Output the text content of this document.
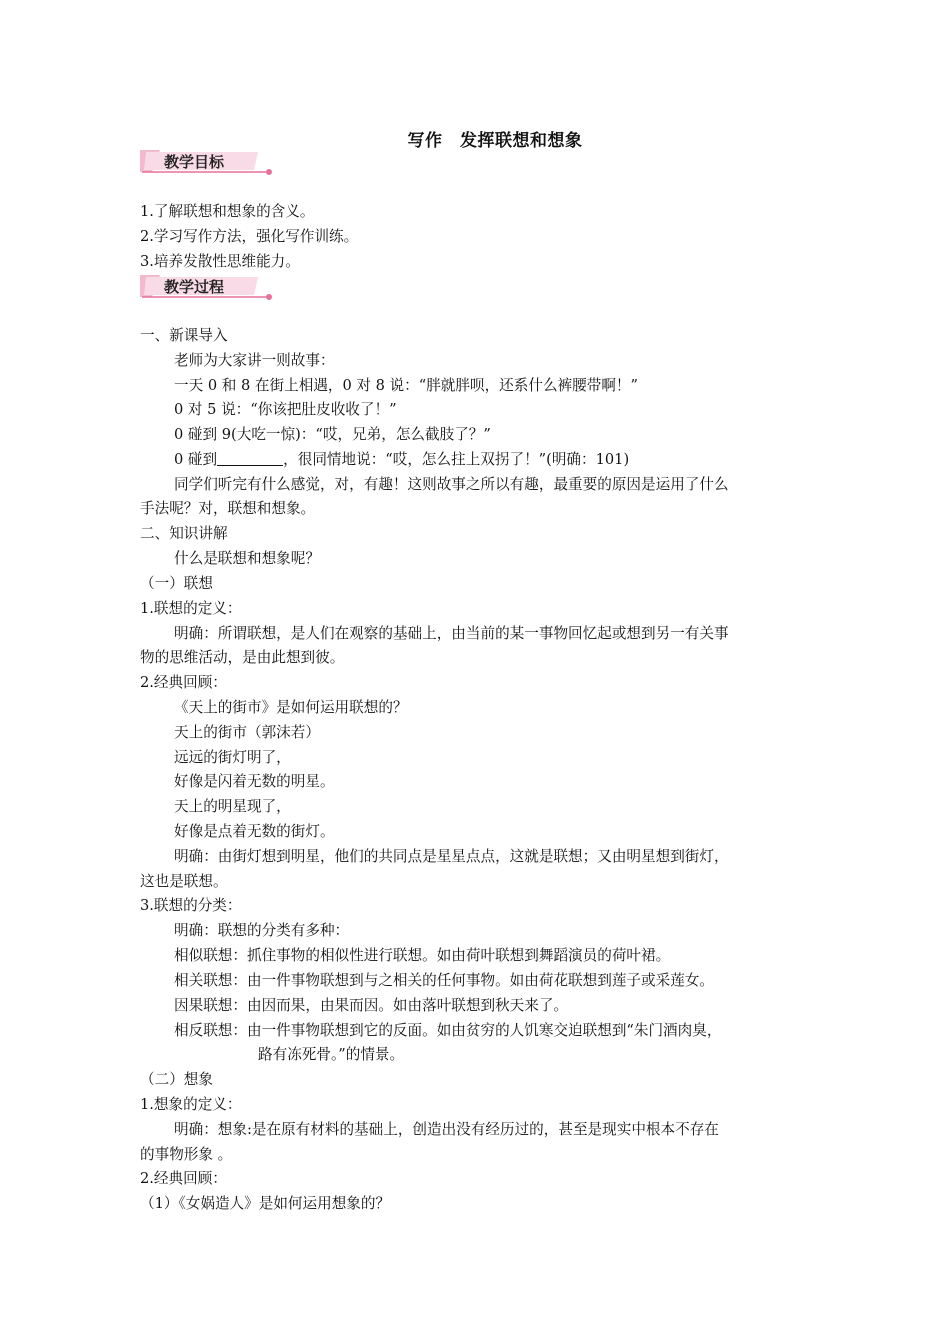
写作　发挥联想和想象
教学目标
1.了解联想和想象的含义。
2.学习写作方法，强化写作训练。
3.培养发散性思维能力。
教学过程
一、新课导入
老师为大家讲一则故事：
一天 0 和 8 在街上相遇，0 对 8 说：“胖就胖呗，还系什么裤腰带啊！”
0 对 5 说：“你该把肚皮收收了！”
0 碰到 9(大吃一惊)：“哎，兄弟，怎么截肢了？”
0 碰到	，很同情地说：“哎，怎么拄上双拐了！”(明确：101)
同学们听完有什么感觉，对，有趣！这则故事之所以有趣，最重要的原因是运用了什么
手法呢？对，联想和想象。
二、知识讲解
什么是联想和想象呢？
（一）联想
1.联想的定义：
明确：所谓联想，是人们在观察的基础上，由当前的某一事物回忆起或想到另一有关事
物的思维活动，是由此想到彼。
2.经典回顾：
《天上的街市》是如何运用联想的？
天上的街市（郭沫若）
远远的街灯明了，
好像是闪着无数的明星。
天上的明星现了，
好像是点着无数的街灯。
明确：由街灯想到明星，他们的共同点是星星点点，这就是联想；又由明星想到街灯，
这也是联想。
3.联想的分类：
明确：联想的分类有多种：
相似联想：抓住事物的相似性进行联想。如由荷叶联想到舞蹈演员的荷叶裙。
相关联想：由一件事物联想到与之相关的任何事物。如由荷花联想到莲子或采莲女。
因果联想：由因而果，由果而因。如由落叶联想到秋天来了。
相反联想：由一件事物联想到它的反面。如由贫穷的人饥寒交迫联想到“朱门酒肉臭，
路有冻死骨。”的情景。
（二）想象
1.想象的定义：
明确：想象:是在原有材料的基础上，创造出没有经历过的，甚至是现实中根本不存在
的事物形象 。
2.经典回顾：
（1）《女娲造人》是如何运用想象的？
